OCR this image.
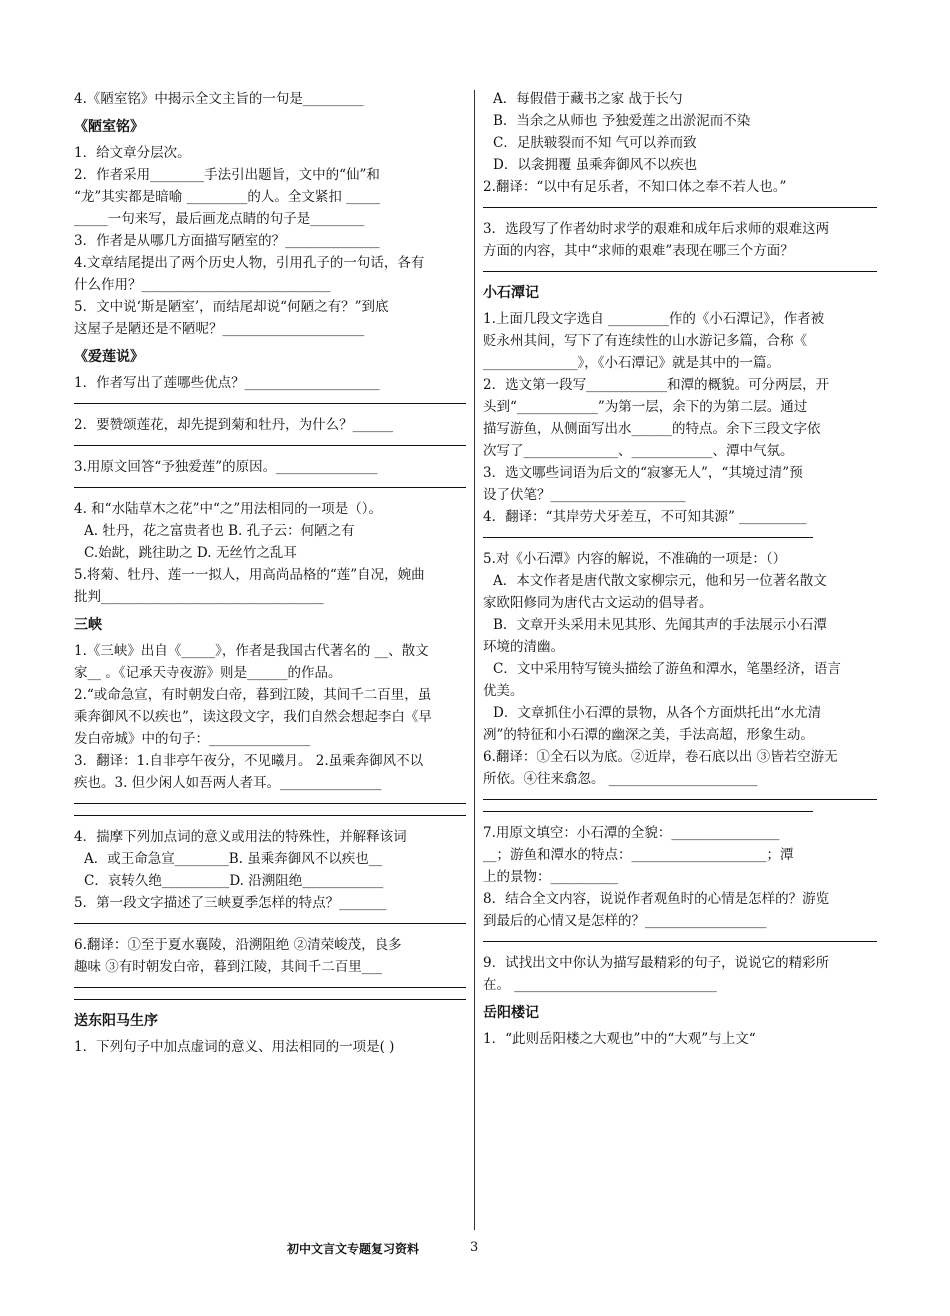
4.《陋室铭》中揭示全文主旨的一句是_________

《陋室铭》

1．给文章分层次。

2．作者采用________手法引出题旨，文中的“仙”和

“龙”其实都是暗喻 _________的人。全文紧扣 _____

_____一句来写，最后画龙点睛的句子是________

3．作者是从哪几方面描写陋室的？______________

4.文章结尾提出了两个历史人物，引用孔子的一句话，各有

什么作用？____________________________

5．文中说‘斯是陋室’，而结尾却说“何陋之有？”到底

这屋子是陋还是不陋呢？_____________________

《爱莲说》

1．作者写出了莲哪些优点？____________________

2．要赞颂莲花，却先提到菊和牡丹，为什么？______

3.用原文回答“予独爱莲”的原因。_______________

4. 和“水陆草木之花”中“之”用法相同的一项是（）。

A. 牡丹，花之富贵者也 B. 孔子云：何陋之有

C.始龀，跳往助之 D. 无丝竹之乱耳

5.将菊、牡丹、莲一一拟人，用高尚品格的“莲”自况，婉曲

批判_________________________________

三峡

1.《三峡》出自《_____》，作者是我国古代著名的 __、散文

家__ 。《记承天寺夜游》则是______的作品。

2.“或命急宣，有时朝发白帝，暮到江陵，其间千二百里，虽

乘奔御风不以疾也”，读这段文字，我们自然会想起李白《早

发白帝城》中的句子：_______________

3．翻译：1.自非亭午夜分，不见曦月。 2.虽乘奔御风不以

疾也。3. 但少闲人如吾两人者耳。_______________

4．揣摩下列加点词的意义或用法的特殊性，并解释该词

A．或王命急宣________B. 虽乘奔御风不以疾也__

C．哀转久绝__________D. 沿溯阻绝____________

5．第一段文字描述了三峡夏季怎样的特点？_______

6.翻译：①至于夏水襄陵，沿溯阻绝 ②清荣峻茂，良多

趣味 ③有时朝发白帝，暮到江陵，其间千二百里___

送东阳马生序

1．下列句子中加点虚词的意义、用法相同的一项是( )

A．每假借于藏书之家 战于长勺

B．当余之从师也 予独爱莲之出淤泥而不染

C．足肤皲裂而不知 气可以养而致

D．以衾拥覆 虽乘奔御风不以疾也

2.翻译：“以中有足乐者，不知口体之奉不若人也。”

3．选段写了作者幼时求学的艰难和成年后求师的艰难这两

方面的内容，其中“求师的艰难”表现在哪三个方面？

小石潭记

1.上面几段文字选自 _________作的《小石潭记》，作者被

贬永州其间，写下了有连续性的山水游记多篇，合称《

______________》，《小石潭记》就是其中的一篇。

2．选文第一段写____________和潭的概貌。可分两层，开

头到“____________”为第一层，余下的为第二层。通过

描写游鱼，从侧面写出水______的特点。余下三段文字依

次写了______________、____________、潭中气氛。

3．选文哪些词语为后文的“寂寥无人”，“其境过清”预

设了伏笔？____________________

4．翻译：“其岸劳犬牙差互，不可知其源” __________

5.对《小石潭》内容的解说，不准确的一项是：（）

A．本文作者是唐代散文家柳宗元，他和另一位著名散文

家欧阳修同为唐代古文运动的倡导者。

B．文章开头采用未见其形、先闻其声的手法展示小石潭

环境的清幽。

C．文中采用特写镜头描绘了游鱼和潭水，笔墨经济，语言

优美。

D．文章抓住小石潭的景物，从各个方面烘托出“水尤清

冽”的特征和小石潭的幽深之美，手法高超，形象生动。

6.翻译：①全石以为底。②近岸，卷石底以出 ③皆若空游无

所依。④往来翕忽。 ______________________

7.用原文填空：小石潭的全貌：________________

__；游鱼和潭水的特点：____________________；潭

上的景物：__________

8．结合全文内容，说说作者观鱼时的心情是怎样的？游览

到最后的心情又是怎样的？__________________

9．试找出文中你认为描写最精彩的句子，说说它的精彩所

在。 ______________________________

岳阳楼记

1．“此则岳阳楼之大观也”中的“大观”与上文“

初中文言文专题复习资料	3
